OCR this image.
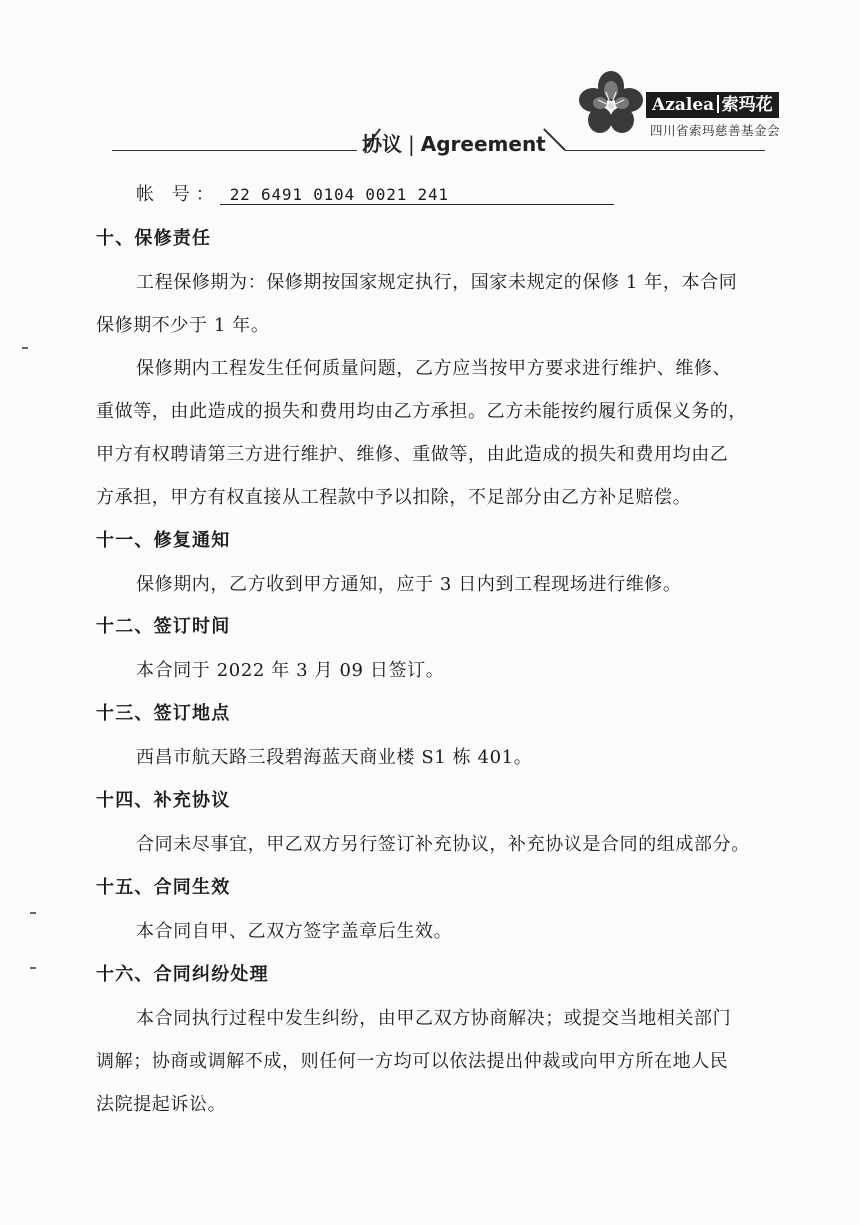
协议 | Agreement
Azalea 索玛花
四川省索玛慈善基金会
帐 号： 22 6491 0104 0021 241
十、保修责任
工程保修期为：保修期按国家规定执行，国家未规定的保修 1 年，本合同
保修期不少于 1 年。
保修期内工程发生任何质量问题，乙方应当按甲方要求进行维护、维修、
重做等，由此造成的损失和费用均由乙方承担。乙方未能按约履行质保义务的，
甲方有权聘请第三方进行维护、维修、重做等，由此造成的损失和费用均由乙
方承担，甲方有权直接从工程款中予以扣除，不足部分由乙方补足赔偿。
十一、修复通知
保修期内，乙方收到甲方通知，应于 3 日内到工程现场进行维修。
十二、签订时间
本合同于 2022 年 3 月 09 日签订。
十三、签订地点
西昌市航天路三段碧海蓝天商业楼 S1 栋 401。
十四、补充协议
合同未尽事宜，甲乙双方另行签订补充协议，补充协议是合同的组成部分。
十五、合同生效
本合同自甲、乙双方签字盖章后生效。
十六、合同纠纷处理
本合同执行过程中发生纠纷，由甲乙双方协商解决；或提交当地相关部门
调解；协商或调解不成，则任何一方均可以依法提出仲裁或向甲方所在地人民
法院提起诉讼。
